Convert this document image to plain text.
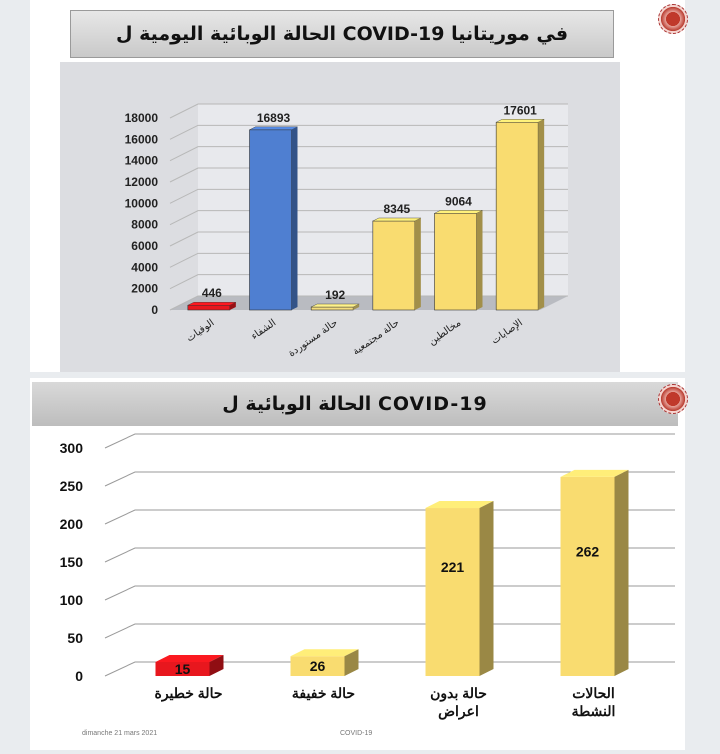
الحالة الوبائية اليومية ل COVID-19 في موريتانيا
0
2000
4000
6000
8000
10000
12000
14000
16000
18000
446
الوفيات
16893
الشفاء
192
حالة مستوردة
8345
حالة مجتمعية
9064
مخالطين
17601
الإصابات
الحالة الوبائية ل COVID-19
0
50
100
150
200
250
300
15
حالة خطيرة
26
حالة خفيفة
221
حالة بدون
اعراض
262
الحالات
النشطة
dimanche 21 mars 2021	COVID-19
